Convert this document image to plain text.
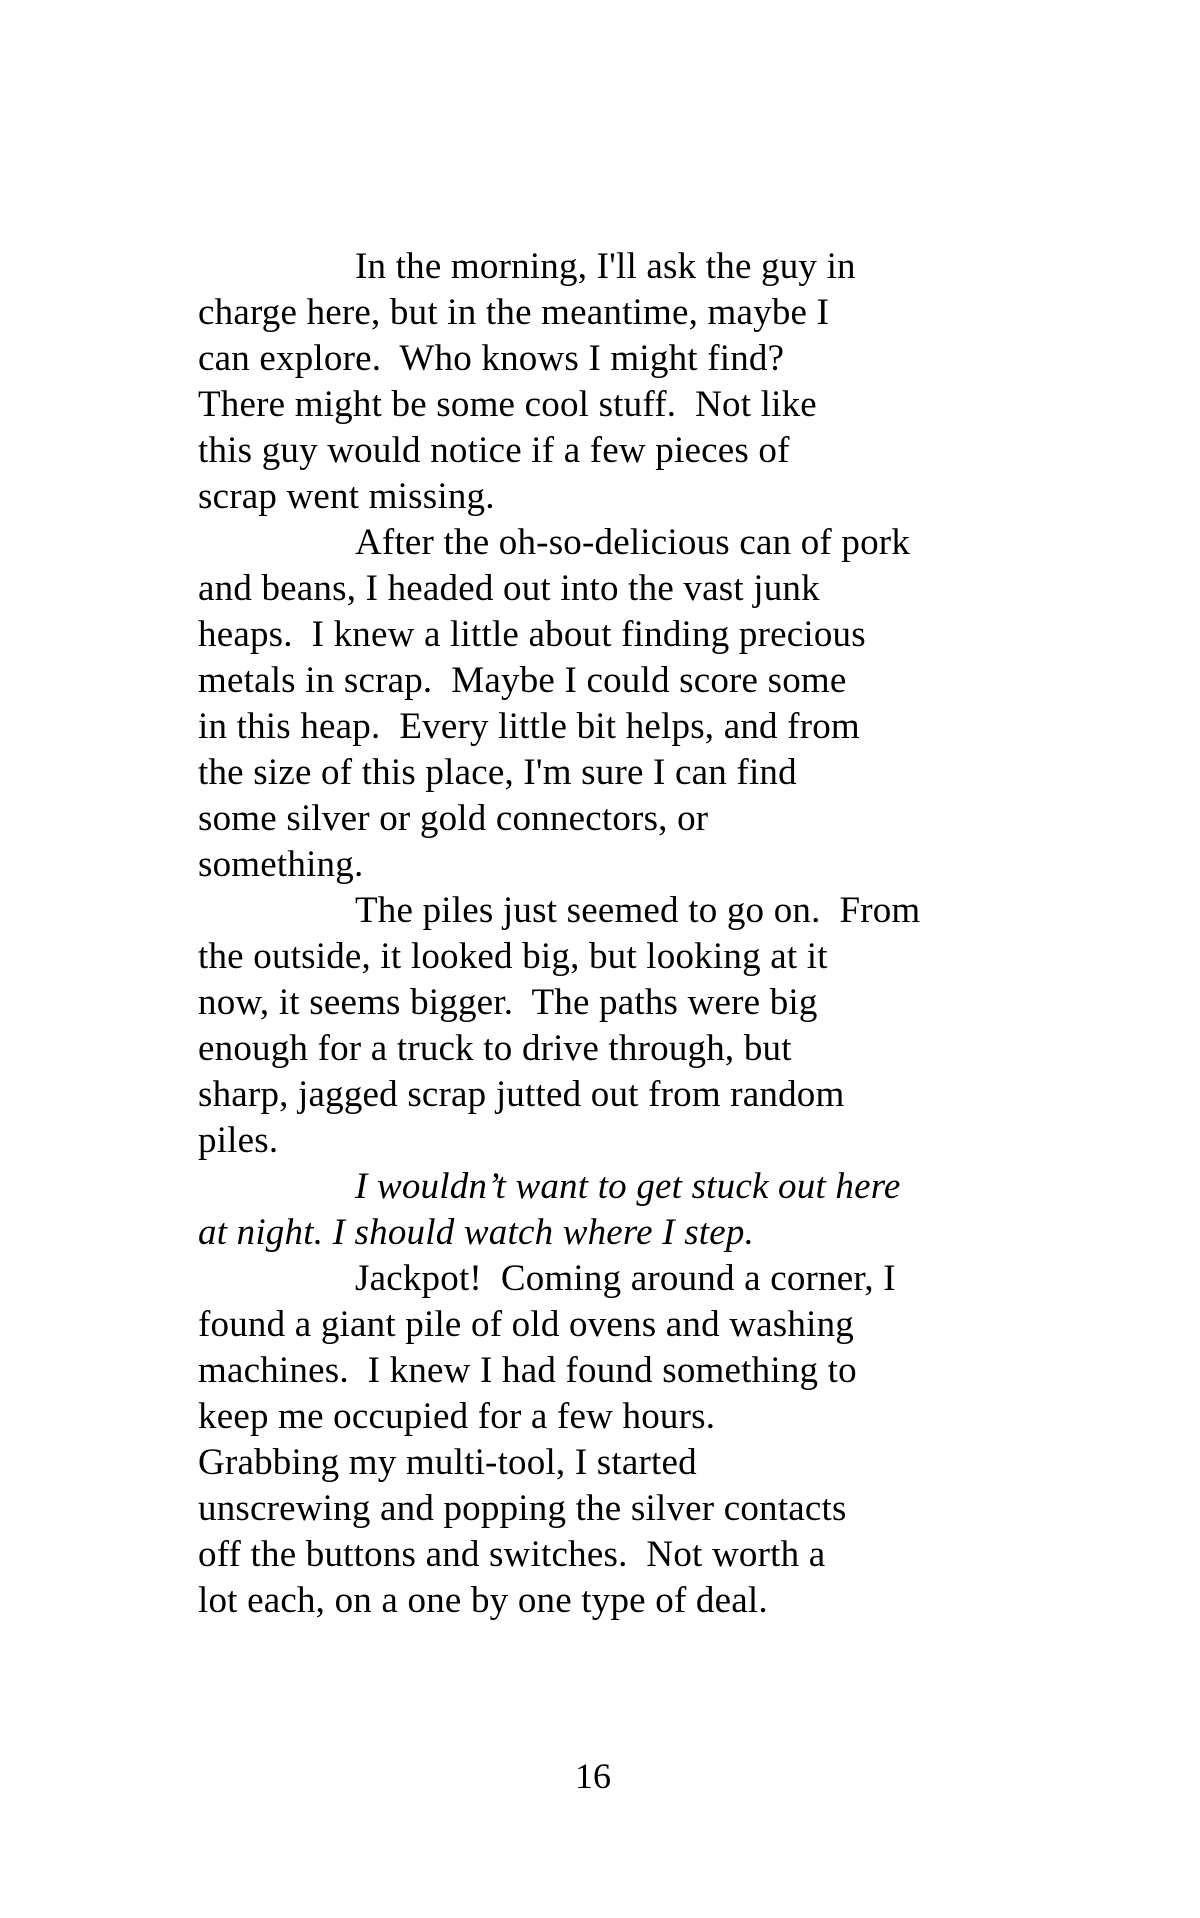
In the morning, I'll ask the guy in
charge here, but in the meantime, maybe I
can explore.  Who knows I might find?
There might be some cool stuff.  Not like
this guy would notice if a few pieces of
scrap went missing.
After the oh-so-delicious can of pork
and beans, I headed out into the vast junk
heaps.  I knew a little about finding precious
metals in scrap.  Maybe I could score some
in this heap.  Every little bit helps, and from
the size of this place, I'm sure I can find
some silver or gold connectors, or
something.
The piles just seemed to go on.  From
the outside, it looked big, but looking at it
now, it seems bigger.  The paths were big
enough for a truck to drive through, but
sharp, jagged scrap jutted out from random
piles.
I wouldn’t want to get stuck out here
at night. I should watch where I step.
Jackpot!  Coming around a corner, I
found a giant pile of old ovens and washing
machines.  I knew I had found something to
keep me occupied for a few hours.
Grabbing my multi-tool, I started
unscrewing and popping the silver contacts
off the buttons and switches.  Not worth a
lot each, on a one by one type of deal.
16
